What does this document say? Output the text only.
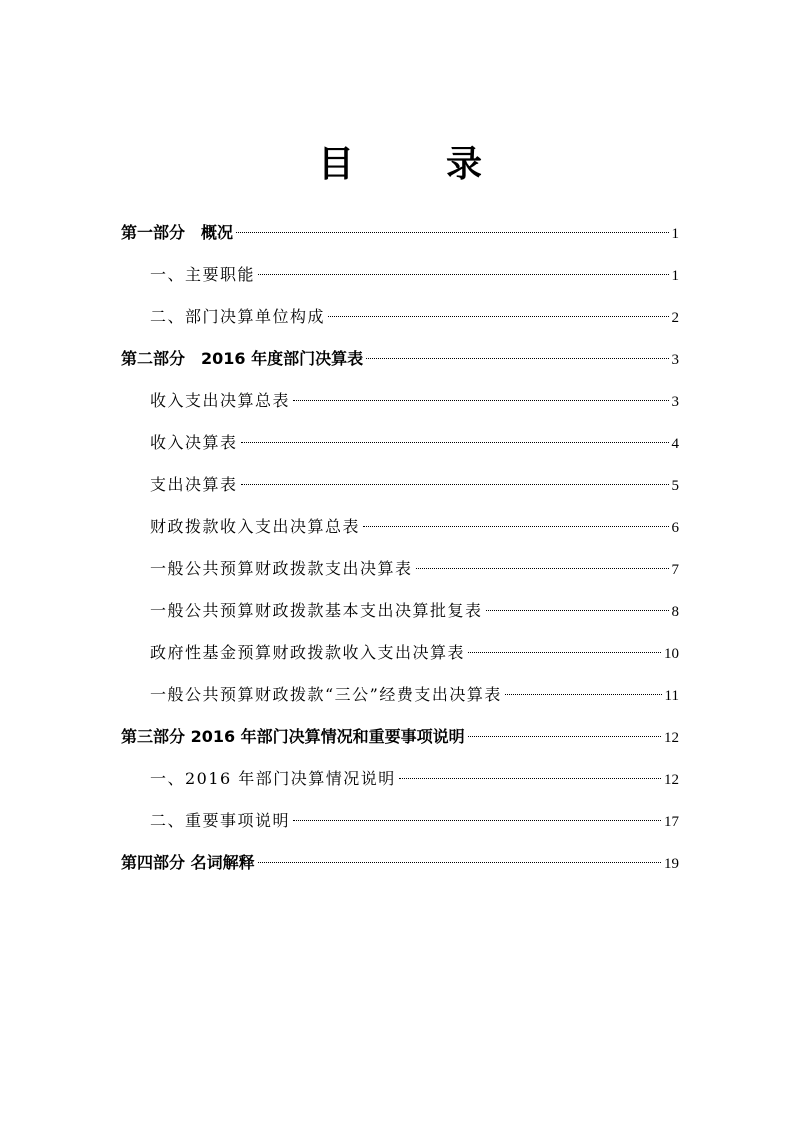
目　录
第一部分　概况	1
一、主要职能	1
二、部门决算单位构成	2
第二部分　2016 年度部门决算表	3
收入支出决算总表	3
收入决算表	4
支出决算表	5
财政拨款收入支出决算总表	6
一般公共预算财政拨款支出决算表	7
一般公共预算财政拨款基本支出决算批复表	8
政府性基金预算财政拨款收入支出决算表	10
一般公共预算财政拨款“三公”经费支出决算表	11
第三部分 2016 年部门决算情况和重要事项说明	12
一、2016 年部门决算情况说明	12
二、重要事项说明	17
第四部分 名词解释	19
